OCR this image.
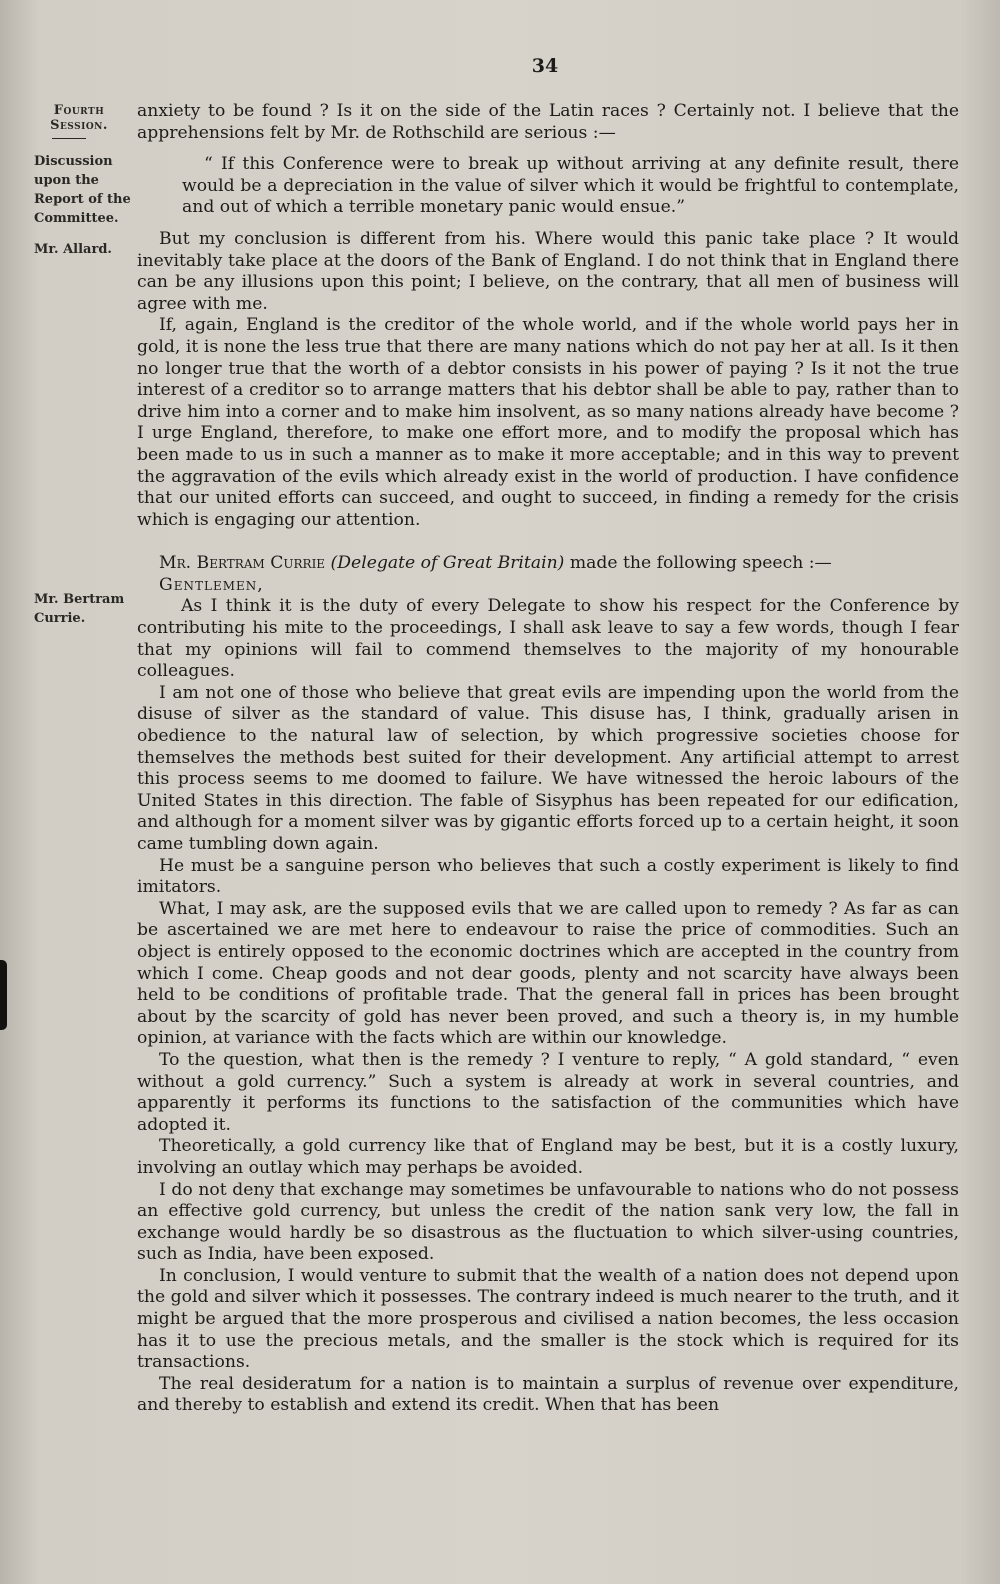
34
Fourth
Session.
Discussion
upon the
Report of the
Committee.
Mr. Allard.
Mr. Bertram
Currie.

anxiety to be found ? Is it on the side of the Latin races ? Certainly not. I believe that the apprehensions felt by Mr. de Rothschild are serious :—

“ If this Conference were to break up without arriving at any definite result, there would be a depreciation in the value of silver which it would be frightful to contemplate, and out of which a terrible monetary panic would ensue.”

But my conclusion is different from his. Where would this panic take place ? It would inevitably take place at the doors of the Bank of England. I do not think that in England there can be any illusions upon this point; I believe, on the contrary, that all men of business will agree with me.

If, again, England is the creditor of the whole world, and if the whole world pays her in gold, it is none the less true that there are many nations which do not pay her at all. Is it then no longer true that the worth of a debtor consists in his power of paying ? Is it not the true interest of a creditor so to arrange matters that his debtor shall be able to pay, rather than to drive him into a corner and to make him insolvent, as so many nations already have become ? I urge England, therefore, to make one effort more, and to modify the proposal which has been made to us in such a manner as to make it more acceptable; and in this way to prevent the aggravation of the evils which already exist in the world of production. I have confidence that our united efforts can succeed, and ought to succeed, in finding a remedy for the crisis which is engaging our attention.

Mr. Bertram Currie (Delegate of Great Britain) made the following speech :—

Gentlemen,

As I think it is the duty of every Delegate to show his respect for the Conference by contributing his mite to the proceedings, I shall ask leave to say a few words, though I fear that my opinions will fail to commend themselves to the majority of my honourable colleagues.

I am not one of those who believe that great evils are impending upon the world from the disuse of silver as the standard of value. This disuse has, I think, gradually arisen in obedience to the natural law of selection, by which progressive societies choose for themselves the methods best suited for their development. Any artificial attempt to arrest this process seems to me doomed to failure. We have witnessed the heroic labours of the United States in this direction. The fable of Sisyphus has been repeated for our edification, and although for a moment silver was by gigantic efforts forced up to a certain height, it soon came tumbling down again.

He must be a sanguine person who believes that such a costly experiment is likely to find imitators.

What, I may ask, are the supposed evils that we are called upon to remedy ? As far as can be ascertained we are met here to endeavour to raise the price of commodities. Such an object is entirely opposed to the economic doctrines which are accepted in the country from which I come. Cheap goods and not dear goods, plenty and not scarcity have always been held to be conditions of profitable trade. That the general fall in prices has been brought about by the scarcity of gold has never been proved, and such a theory is, in my humble opinion, at variance with the facts which are within our knowledge.

To the question, what then is the remedy ? I venture to reply, “ A gold standard, “ even without a gold currency.” Such a system is already at work in several countries, and apparently it performs its functions to the satisfaction of the communities which have adopted it.

Theoretically, a gold currency like that of England may be best, but it is a costly luxury, involving an outlay which may perhaps be avoided.

I do not deny that exchange may sometimes be unfavourable to nations who do not possess an effective gold currency, but unless the credit of the nation sank very low, the fall in exchange would hardly be so disastrous as the fluctuation to which silver-using countries, such as India, have been exposed.

In conclusion, I would venture to submit that the wealth of a nation does not depend upon the gold and silver which it possesses. The contrary indeed is much nearer to the truth, and it might be argued that the more prosperous and civilised a nation becomes, the less occasion has it to use the precious metals, and the smaller is the stock which is required for its transactions.

The real desideratum for a nation is to maintain a surplus of revenue over expenditure, and thereby to establish and extend its credit. When that has been
